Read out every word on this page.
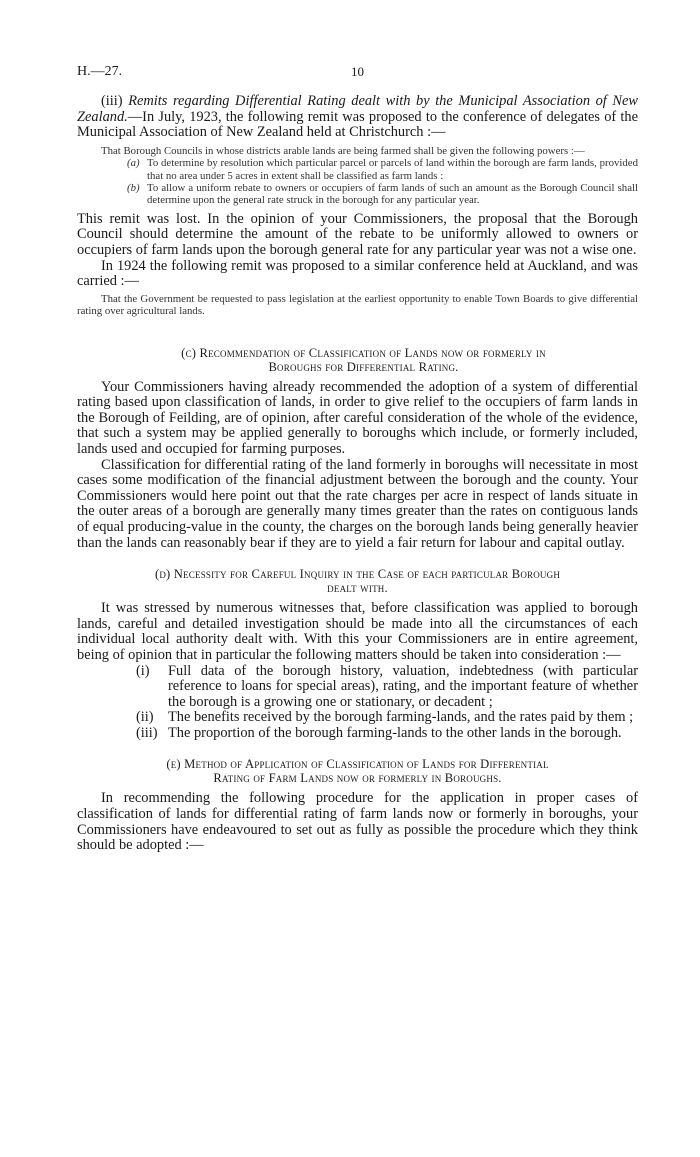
H.—27.	10

(iii) Remits regarding Differential Rating dealt with by the Municipal Association of New Zealand.—In July, 1923, the following remit was proposed to the conference of delegates of the Municipal Association of New Zealand held at Christchurch :—

That Borough Councils in whose districts arable lands are being farmed shall be given the following powers :—

(a) To determine by resolution which particular parcel or parcels of land within the borough are farm lands, provided that no area under 5 acres in extent shall be classified as farm lands :
(b) To allow a uniform rebate to owners or occupiers of farm lands of such an amount as the Borough Council shall determine upon the general rate struck in the borough for any particular year.

This remit was lost. In the opinion of your Commissioners, the proposal that the Borough Council should determine the amount of the rebate to be uniformly allowed to owners or occupiers of farm lands upon the borough general rate for any particular year was not a wise one.

In 1924 the following remit was proposed to a similar conference held at Auckland, and was carried :—

That the Government be requested to pass legislation at the earliest opportunity to enable Town Boards to give differential rating over agricultural lands.

(c) Recommendation of Classification of Lands now or formerly in

Boroughs for Differential Rating.

Your Commissioners having already recommended the adoption of a system of differential rating based upon classification of lands, in order to give relief to the occupiers of farm lands in the Borough of Feilding, are of opinion, after careful consideration of the whole of the evidence, that such a system may be applied generally to boroughs which include, or formerly included, lands used and occupied for farming purposes.

Classification for differential rating of the land formerly in boroughs will necessitate in most cases some modification of the financial adjustment between the borough and the county. Your Commissioners would here point out that the rate charges per acre in respect of lands situate in the outer areas of a borough are generally many times greater than the rates on contiguous lands of equal producing-value in the county, the charges on the borough lands being generally heavier than the lands can reasonably bear if they are to yield a fair return for labour and capital outlay.

(d) Necessity for Careful Inquiry in the Case of each particular Borough

dealt with.

It was stressed by numerous witnesses that, before classification was applied to borough lands, careful and detailed investigation should be made into all the circumstances of each individual local authority dealt with. With this your Commissioners are in entire agreement, being of opinion that in particular the following matters should be taken into consideration :—

(i)	Full data of the borough history, valuation, indebtedness (with particular reference to loans for special areas), rating, and the important feature of whether the borough is a growing one or stationary, or decadent ;
(ii)	The benefits received by the borough farming-lands, and the rates paid by them ;
(iii) The proportion of the borough farming-lands to the other lands in the borough.

(e) Method of Application of Classification of Lands for Differential

Rating of Farm Lands now or formerly in Boroughs.

In recommending the following procedure for the application in proper cases of classification of lands for differential rating of farm lands now or formerly in boroughs, your Commissioners have endeavoured to set out as fully as possible the procedure which they think should be adopted :—
